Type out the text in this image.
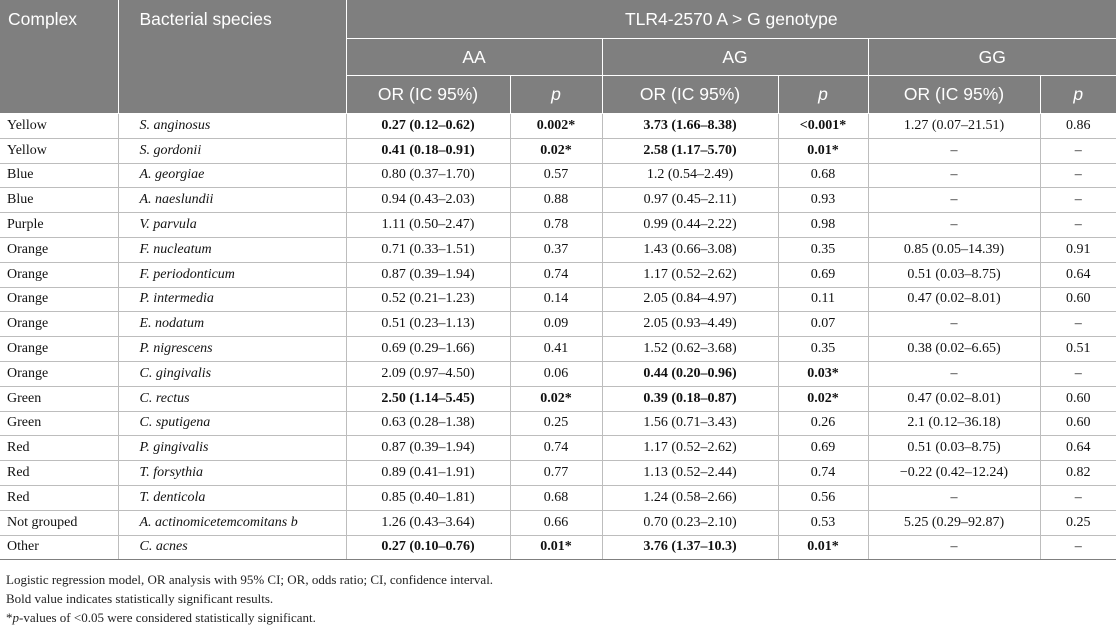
Complex	Bacterial species	TLR4-2570 A > G genotype					
		AA		AG		GG	
		OR (IC 95%)	p	OR (IC 95%)	p	OR (IC 95%)	p
Yellow	S. anginosus	0.27 (0.12–0.62)	0.002*	3.73 (1.66–8.38)	<0.001*	1.27 (0.07–21.51)	0.86
Yellow	S. gordonii	0.41 (0.18–0.91)	0.02*	2.58 (1.17–5.70)	0.01*	–	–
Blue	A. georgiae	0.80 (0.37–1.70)	0.57	1.2 (0.54–2.49)	0.68	–	–
Blue	A. naeslundii	0.94 (0.43–2.03)	0.88	0.97 (0.45–2.11)	0.93	–	–
Purple	V. parvula	1.11 (0.50–2.47)	0.78	0.99 (0.44–2.22)	0.98	–	–
Orange	F. nucleatum	0.71 (0.33–1.51)	0.37	1.43 (0.66–3.08)	0.35	0.85 (0.05–14.39)	0.91
Orange	F. periodonticum	0.87 (0.39–1.94)	0.74	1.17 (0.52–2.62)	0.69	0.51 (0.03–8.75)	0.64
Orange	P. intermedia	0.52 (0.21–1.23)	0.14	2.05 (0.84–4.97)	0.11	0.47 (0.02–8.01)	0.60
Orange	E. nodatum	0.51 (0.23–1.13)	0.09	2.05 (0.93–4.49)	0.07	–	–
Orange	P. nigrescens	0.69 (0.29–1.66)	0.41	1.52 (0.62–3.68)	0.35	0.38 (0.02–6.65)	0.51
Orange	C. gingivalis	2.09 (0.97–4.50)	0.06	0.44 (0.20–0.96)	0.03*	–	–
Green	C. rectus	2.50 (1.14–5.45)	0.02*	0.39 (0.18–0.87)	0.02*	0.47 (0.02–8.01)	0.60
Green	C. sputigena	0.63 (0.28–1.38)	0.25	1.56 (0.71–3.43)	0.26	2.1 (0.12–36.18)	0.60
Red	P. gingivalis	0.87 (0.39–1.94)	0.74	1.17 (0.52–2.62)	0.69	0.51 (0.03–8.75)	0.64
Red	T. forsythia	0.89 (0.41–1.91)	0.77	1.13 (0.52–2.44)	0.74	−0.22 (0.42–12.24)	0.82
Red	T. denticola	0.85 (0.40–1.81)	0.68	1.24 (0.58–2.66)	0.56	–	–
Not grouped	A. actinomicetemcomitans b	1.26 (0.43–3.64)	0.66	0.70 (0.23–2.10)	0.53	5.25 (0.29–92.87)	0.25
Other	C. acnes	0.27 (0.10–0.76)	0.01*	3.76 (1.37–10.3)	0.01*	–	–
Logistic regression model, OR analysis with 95% CI; OR, odds ratio; CI, confidence interval.
Bold value indicates statistically significant results.
*p-values of <0.05 were considered statistically significant.
